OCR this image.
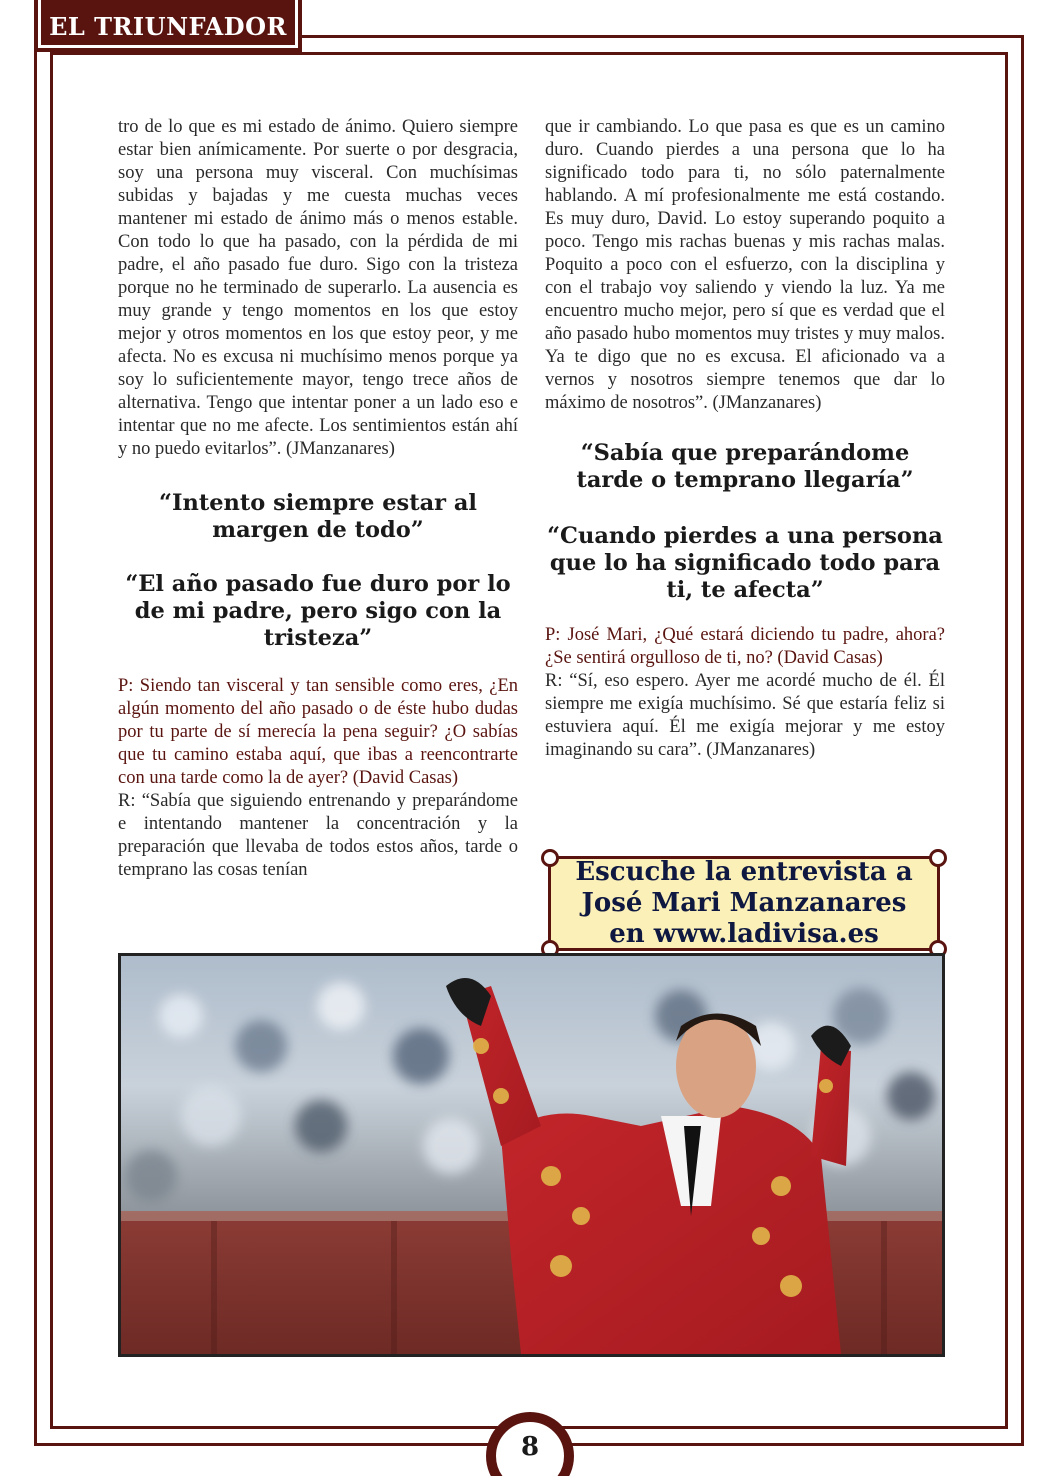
EL TRIUNFADOR

tro de lo que es mi estado de ánimo. Quiero siempre estar bien anímicamente. Por suerte o por desgracia, soy una persona muy visceral. Con muchísimas subidas y bajadas y me cuesta muchas veces mantener mi estado de ánimo más o menos estable. Con todo lo que ha pasado, con la pérdida de mi padre, el año pasado fue duro. Sigo con la tristeza porque no he terminado de superarlo. La ausencia es muy grande y tengo momentos en los que estoy mejor y otros momentos en los que estoy peor, y me afecta. No es excusa ni muchísimo menos porque ya soy lo suficientemente mayor, tengo trece años de alternativa. Tengo que intentar poner a un lado eso e intentar que no me afecte. Los sentimientos están ahí y no puedo evitarlos”. (JManzanares)

“Intento siempre estar al margen de todo”

“El año pasado fue duro por lo de mi padre, pero sigo con la tristeza”

P: Siendo tan visceral y tan sensible como eres, ¿En algún momento del año pasado o de éste hubo dudas por tu parte de sí merecía la pena seguir? ¿O sabías que tu camino estaba aquí, que ibas a reencontrarte con una tarde como la de ayer? (David Casas)

R: “Sabía que siguiendo entrenando y preparándome e intentando mantener la concentración y la preparación que llevaba de todos estos años, tarde o temprano las cosas tenían

que ir cambiando. Lo que pasa es que es un camino duro. Cuando pierdes a una persona que lo ha significado todo para ti, no sólo paternalmente hablando. A mí profesionalmente me está costando. Es muy duro, David. Lo estoy superando poquito a poco. Tengo mis rachas buenas y mis rachas malas. Poquito a poco con el esfuerzo, con la disciplina y con el trabajo voy saliendo y viendo la luz. Ya me encuentro mucho mejor, pero sí que es verdad que el año pasado hubo momentos muy tristes y muy malos. Ya te digo que no es excusa. El aficionado va a vernos y nosotros siempre tenemos que dar lo máximo de nosotros”. (JManzanares)

“Sabía que preparándome tarde o temprano llegaría”

“Cuando pierdes a una persona que lo ha significado todo para ti, te afecta”

P: José Mari, ¿Qué estará diciendo tu padre, ahora? ¿Se sentirá orgulloso de ti, no? (David Casas)

R: “Sí, eso espero. Ayer me acordé mucho de él. Él siempre me exigía muchísimo. Sé que estaría feliz si estuviera aquí. Él me exigía mejorar y me estoy imaginando su cara”. (JManzanares)

Escuche la entrevista a
José Mari Manzanares
en www.ladivisa.es
8
